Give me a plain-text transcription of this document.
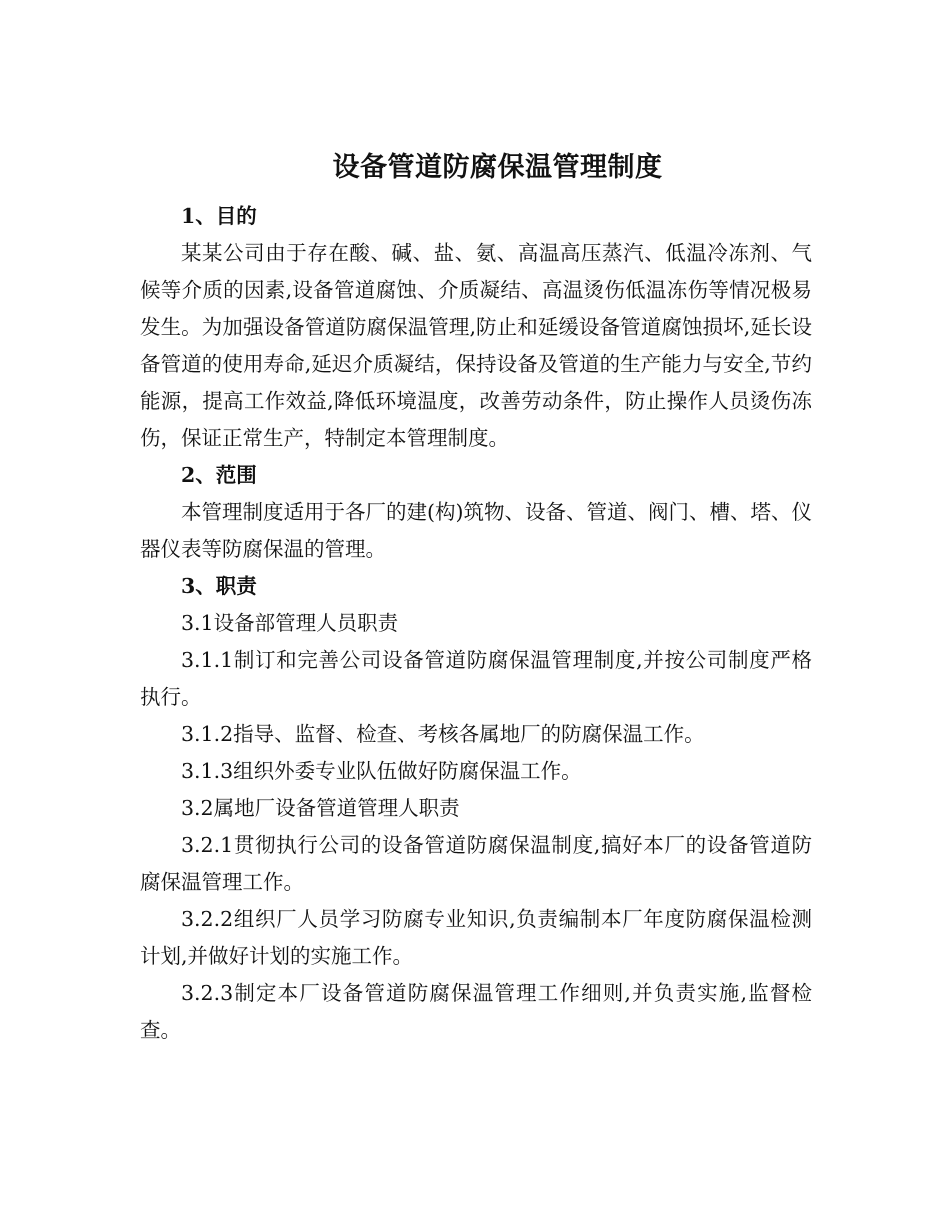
设备管道防腐保温管理制度

1、目的

某某公司由于存在酸、碱、盐、氨、高温高压蒸汽、低温冷冻剂、气候等介质的因素,设备管道腐蚀、介质凝结、高温烫伤低温冻伤等情况极易发生。为加强设备管道防腐保温管理,防止和延缓设备管道腐蚀损坏,延长设备管道的使用寿命,延迟介质凝结，保持设备及管道的生产能力与安全,节约能源，提高工作效益,降低环境温度，改善劳动条件，防止操作人员烫伤冻伤，保证正常生产，特制定本管理制度。

2、范围

本管理制度适用于各厂的建(构)筑物、设备、管道、阀门、槽、塔、仪器仪表等防腐保温的管理。

3、职责

3.1设备部管理人员职责

3.1.1制订和完善公司设备管道防腐保温管理制度,并按公司制度严格执行。

3.1.2指导、监督、检查、考核各属地厂的防腐保温工作。

3.1.3组织外委专业队伍做好防腐保温工作。

3.2属地厂设备管道管理人职责

3.2.1贯彻执行公司的设备管道防腐保温制度,搞好本厂的设备管道防腐保温管理工作。

3.2.2组织厂人员学习防腐专业知识,负责编制本厂年度防腐保温检测计划,并做好计划的实施工作。

3.2.3制定本厂设备管道防腐保温管理工作细则,并负责实施,监督检查。
